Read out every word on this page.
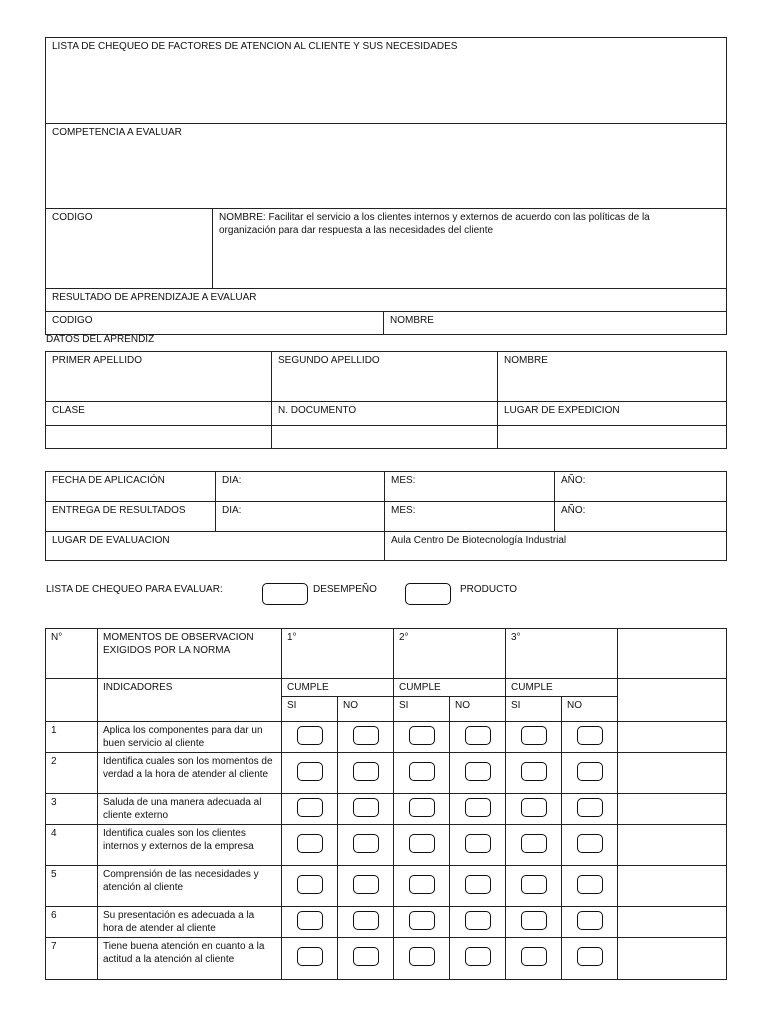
LISTA DE CHEQUEO DE FACTORES DE ATENCION AL CLIENTE Y SUS NECESIDADES		
COMPETENCIA A EVALUAR		
CODIGO	NOMBRE: Facilitar el servicio a los clientes internos y externos de acuerdo con las políticas de la organización para dar respuesta a las necesidades del cliente	
RESULTADO DE APRENDIZAJE A EVALUAR		
CODIGO		NOMBRE
DATOS DEL APRENDIZ
PRIMER APELLIDO	SEGUNDO APELLIDO	NOMBRE
CLASE	N. DOCUMENTO	LUGAR DE EXPEDICION

FECHA DE APLICACIÓN	DIA:	MES:	AÑO:
ENTREGA DE RESULTADOS	DIA:	MES:	AÑO:
LUGAR DE EVALUACION		Aula Centro De Biotecnología Industrial	
LISTA DE CHEQUEO PARA EVALUAR:	DESEMPEÑO	PRODUCTO
N°	MOMENTOS DE OBSERVACION EXIGIDOS POR LA NORMA	1°		2°		3°		
	INDICADORES	CUMPLE		CUMPLE		CUMPLE		
		SI	NO	SI	NO	SI	NO	
1	Aplica los componentes para dar un buen servicio al cliente							
2	Identifica cuales son los momentos de verdad a la hora de atender al cliente							
3	Saluda de una manera adecuada al cliente externo							
4	Identifica cuales son los clientes internos y externos de la empresa							
5	Comprensión de las necesidades y atención al cliente							
6	Su presentación es adecuada a la hora de atender al cliente							
7	Tiene buena atención en cuanto a la actitud a la atención al cliente							
